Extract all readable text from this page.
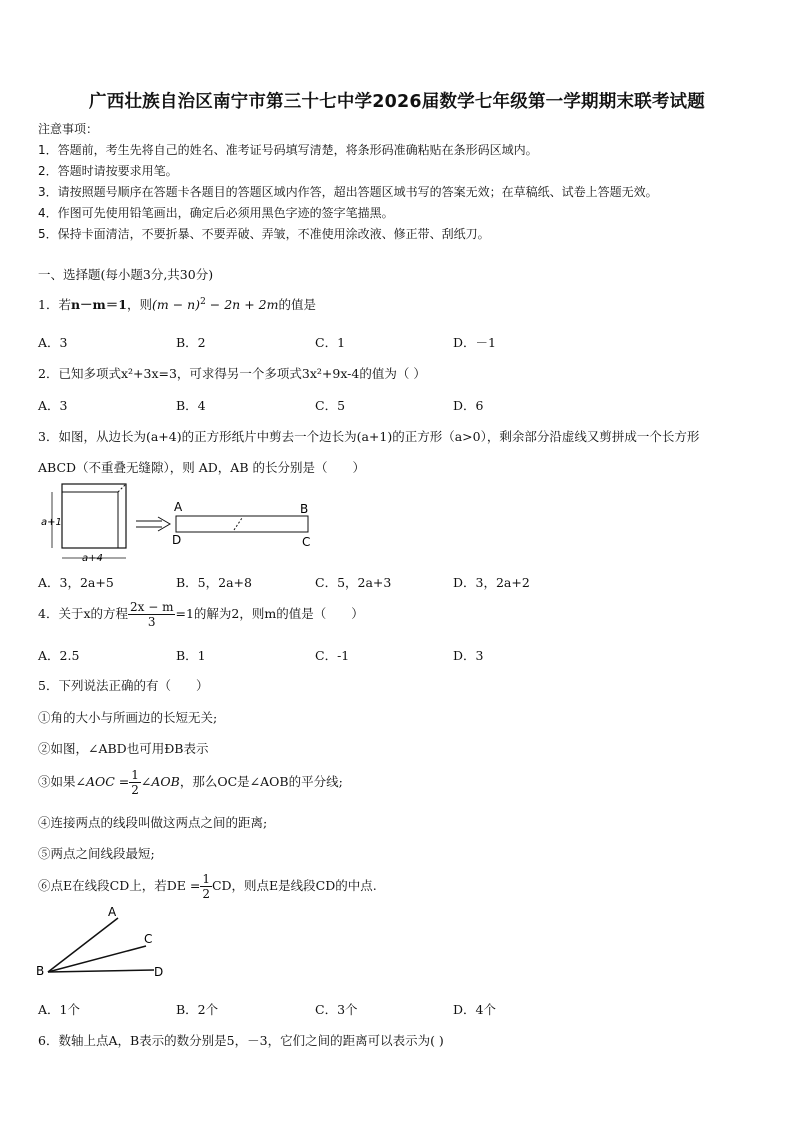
广西壮族自治区南宁市第三十七中学2026届数学七年级第一学期期末联考试题
注意事项：
1．答题前，考生先将自己的姓名、准考证号码填写清楚，将条形码准确粘贴在条形码区域内。
2．答题时请按要求用笔。
3．请按照题号顺序在答题卡各题目的答题区域内作答，超出答题区域书写的答案无效；在草稿纸、试卷上答题无效。
4．作图可先使用铅笔画出，确定后必须用黑色字迹的签字笔描黑。
5．保持卡面清洁，不要折暴、不要弄破、弄皱，不准使用涂改液、修正带、刮纸刀。
一、选择题(每小题3分,共30分)
1．若n－m＝1，则$(m - n)^2 - 2n + 2m$的值是
A．3	B．2	C．1	D．－1
2．已知多项式x²+3x=3，可求得另一个多项式3x²+9x-4的值为（ ）
A．3	B．4	C．5	D．6
3．如图，从边长为(a+4)的正方形纸片中剪去一个边长为(a+1)的正方形（a>0），剩余部分沿虚线又剪拼成一个长方形
ABCD（不重叠无缝隙），则 AD，AB 的长分别是（　　）
a+1
a+4
A	B
C
D
A．3，2a+5	B．5，2a+8	C．5，2a+3	D．3，2a+2
4．关于x的方程 $\frac{2x - m}{3} =1$的解为2，则m的值是（　　）
A．2.5	B．1	C．-1	D．3
5．下列说法正确的有（　　）
①角的大小与所画边的长短无关;
②如图，∠ABD也可用ÐB表示
③如果∠AOC = $\frac{1}{2}$ ∠AOB，那么OC是∠AOB的平分线;
④连接两点的线段叫做这两点之间的距离;
⑤两点之间线段最短;
⑥点E在线段CD上，若DE = $\frac{1}{2}$ CD，则点E是线段CD的中点.
A
C
B	D
A．1个	B．2个	C．3个	D．4个
6．数轴上点A，B表示的数分别是5，－3，它们之间的距离可以表示为( )
